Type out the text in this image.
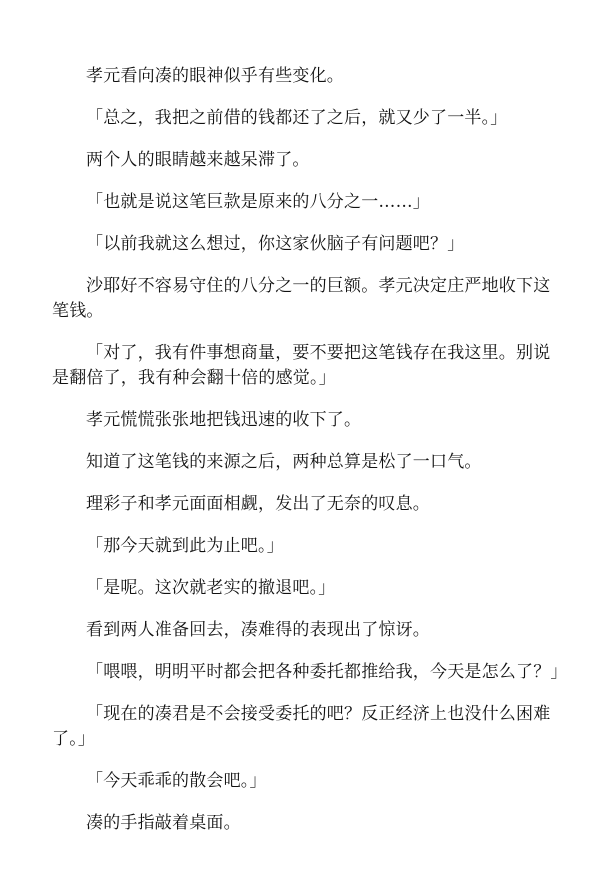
孝元看向凑的眼神似乎有些变化。

「总之，我把之前借的钱都还了之后，就又少了一半。」

两个人的眼睛越来越呆滞了。

「也就是说这笔巨款是原来的八分之一……」

「以前我就这么想过，你这家伙脑子有问题吧？」

沙耶好不容易守住的八分之一的巨额。孝元决定庄严地收下这笔钱。

「对了，我有件事想商量，要不要把这笔钱存在我这里。别说是翻倍了，我有种会翻十倍的感觉。」

孝元慌慌张张地把钱迅速的收下了。

知道了这笔钱的来源之后，两种总算是松了一口气。

理彩子和孝元面面相觑，发出了无奈的叹息。

「那今天就到此为止吧。」

「是呢。这次就老实的撤退吧。」

看到两人准备回去，凑难得的表现出了惊讶。

「喂喂，明明平时都会把各种委托都推给我，今天是怎么了？」

「现在的凑君是不会接受委托的吧？反正经济上也没什么困难了。」

「今天乖乖的散会吧。」

凑的手指敲着桌面。
